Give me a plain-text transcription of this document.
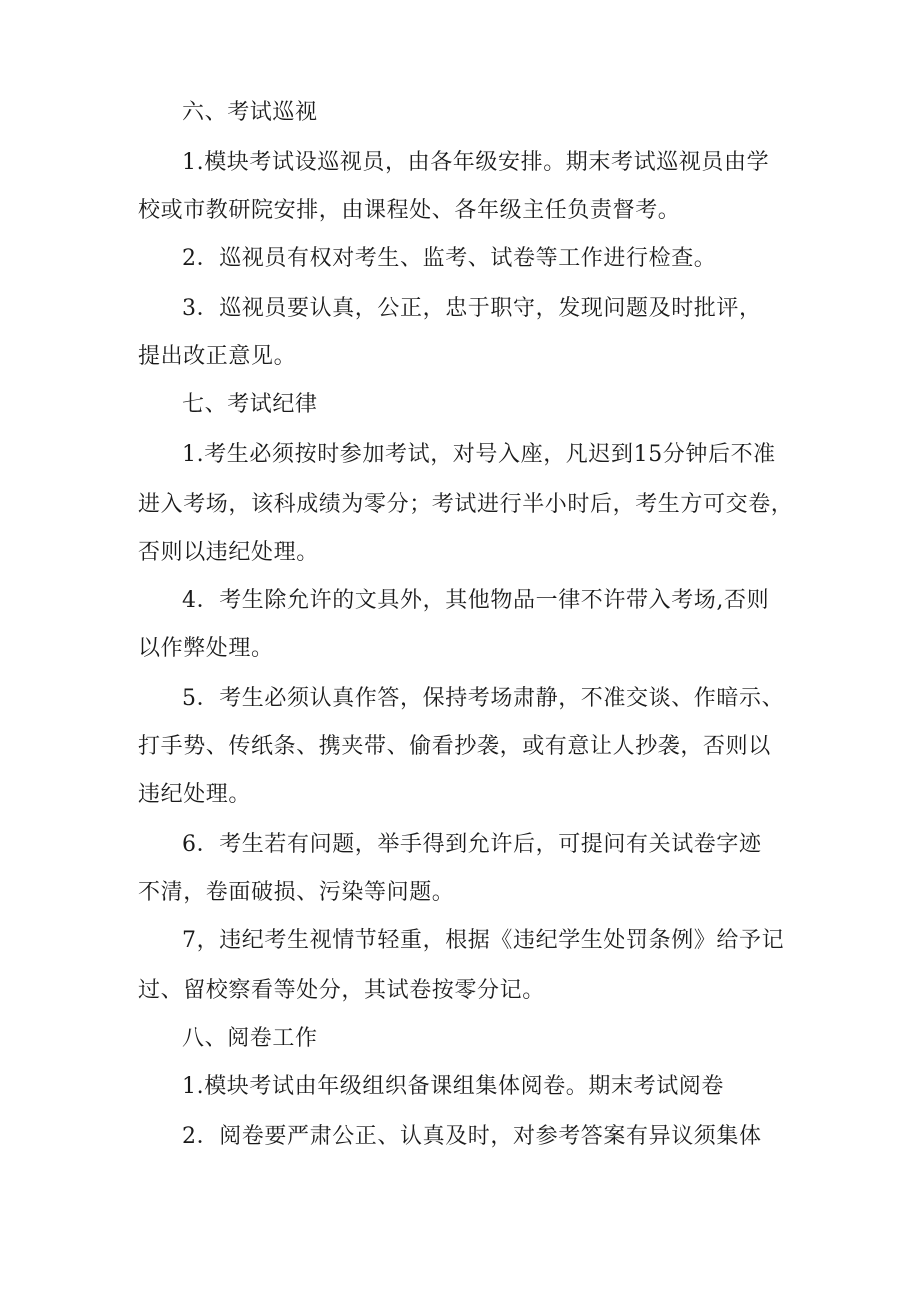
六、考试巡视
1.模块考试设巡视员，由各年级安排。期末考试巡视员由学
校或市教研院安排，由课程处、各年级主任负责督考。
2．巡视员有权对考生、监考、试卷等工作进行检查。
3．巡视员要认真，公正，忠于职守，发现问题及时批评，
提出改正意见。
七、考试纪律
1.考生必须按时参加考试，对号入座，凡迟到15分钟后不准
进入考场，该科成绩为零分；考试进行半小时后，考生方可交卷，
否则以违纪处理。
4．考生除允许的文具外，其他物品一律不许带入考场,否则
以作弊处理。
5．考生必须认真作答，保持考场肃静，不准交谈、作暗示、
打手势、传纸条、携夹带、偷看抄袭，或有意让人抄袭，否则以
违纪处理。
6．考生若有问题，举手得到允许后，可提问有关试卷字迹
不清，卷面破损、污染等问题。
7，违纪考生视情节轻重，根据《违纪学生处罚条例》给予记
过、留校察看等处分，其试卷按零分记。
八、阅卷工作
1.模块考试由年级组织备课组集体阅卷。期末考试阅卷
2．阅卷要严肃公正、认真及时，对参考答案有异议须集体
